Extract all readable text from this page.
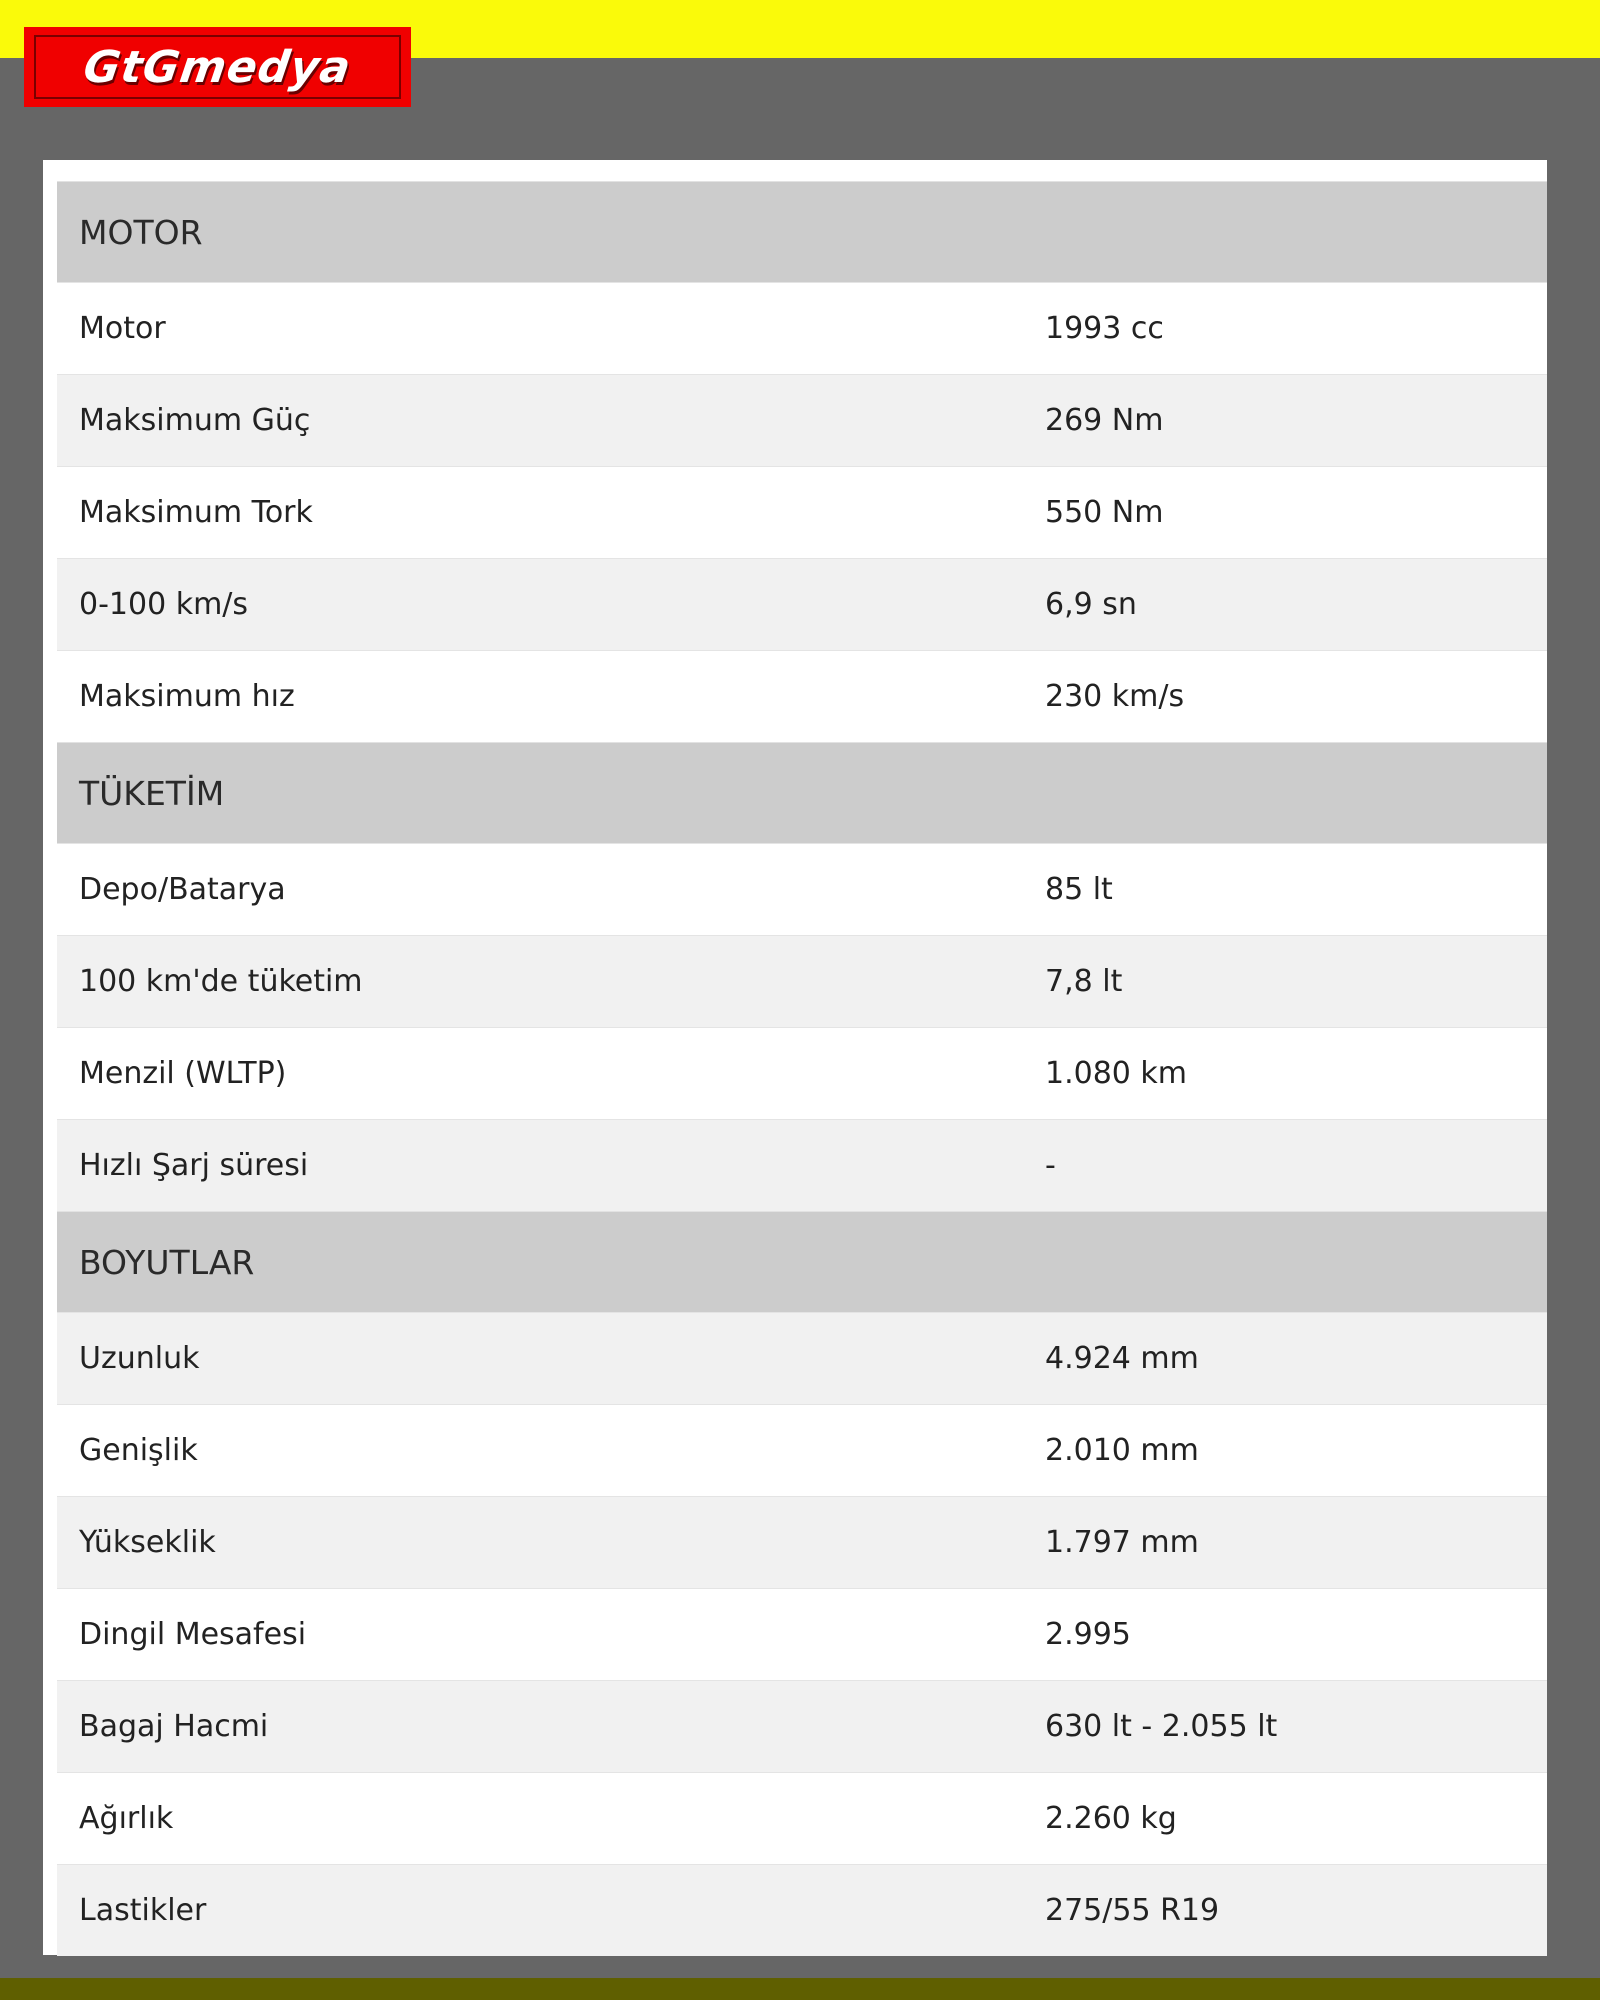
GtGmedya
MOTOR
Motor	1993 cc
Maksimum Güç	269 Nm
Maksimum Tork	550 Nm
0-100 km/s	6,9 sn
Maksimum hız	230 km/s
TÜKETİM
Depo/Batarya	85 lt
100 km'de tüketim	7,8 lt
Menzil (WLTP)	1.080 km
Hızlı Şarj süresi	-
BOYUTLAR
Uzunluk	4.924 mm
Genişlik	2.010 mm
Yükseklik	1.797 mm
Dingil Mesafesi	2.995
Bagaj Hacmi	630 lt - 2.055 lt
Ağırlık	2.260 kg
Lastikler	275/55 R19
